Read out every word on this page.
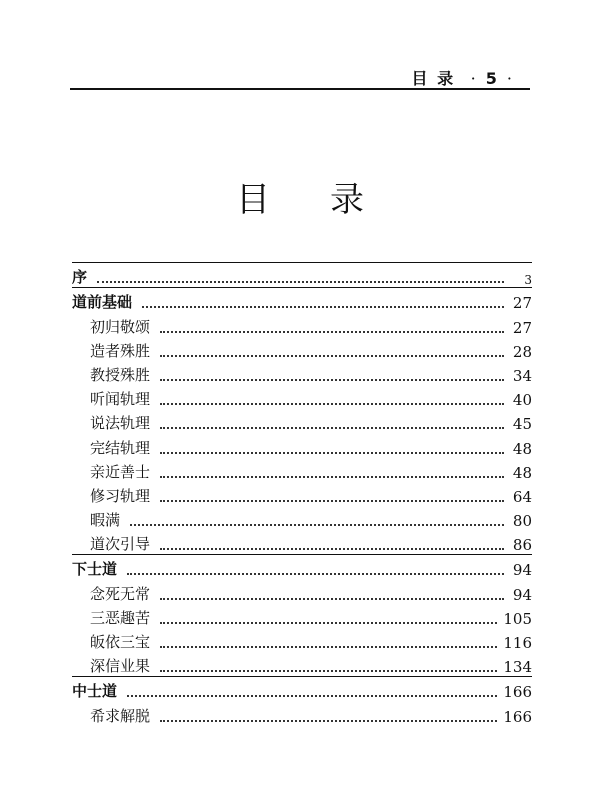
目 录 · 5 ·
目录
序	3
道前基础	27
初归敬颂	27
造者殊胜	28
教授殊胜	34
听闻轨理	40
说法轨理	45
完结轨理	48
亲近善士	48
修习轨理	64
暇满	80
道次引导	86
下士道	94
念死无常	94
三恶趣苦	105
皈依三宝	116
深信业果	134
中士道	166
希求解脱	166
